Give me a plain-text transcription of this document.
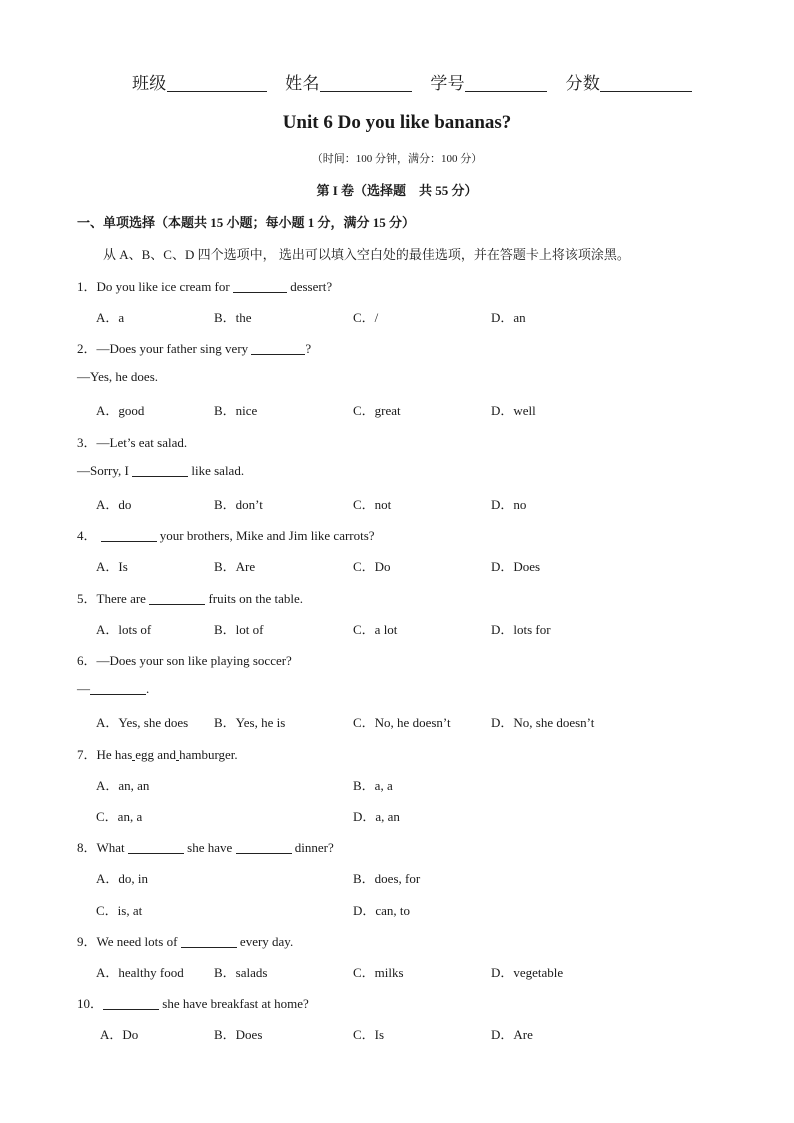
班级	姓名	学号	分数
Unit 6 Do you like bananas?
（时间：100 分钟，满分：100 分）
第 I 卷（选择题　共 55 分）
一、单项选择（本题共 15 小题；每小题 1 分，满分 15 分）
从 A、B、C、D 四个选项中， 选出可以填入空白处的最佳选项，并在答题卡上将该项涂黑。
1．Do you like ice cream for	dessert?
A．a	B．the	C．/	D．an
2．—Does your father sing very	?
—Yes, he does.
A．good	B．nice	C．great	D．well
3．—Let’s eat salad.
—Sorry, I	like salad.
A．do	B．don’t	C．not	D．no
4．	your brothers, Mike and Jim like carrots?
A．Is	B．Are	C．Do	D．Does
5．There are	fruits on the table.
A．lots of	B．lot of	C．a lot	D．lots for
6．—Does your son like playing soccer?
—	.
A．Yes, she does B．Yes, he is	C．No, he doesn’t	D．No, she doesn’t
7．He has egg and hamburger.
A．an, an	B．a, a
C．an, a	D．a, an
8．What	she have	dinner?
A．do, in	B．does, for
C．is, at	D．can, to
9．We need lots of	every day.
A．healthy food B．salads	C．milks	D．vegetable
10．	she have breakfast at home?
A．Do	B．Does	C．Is	D．Are
